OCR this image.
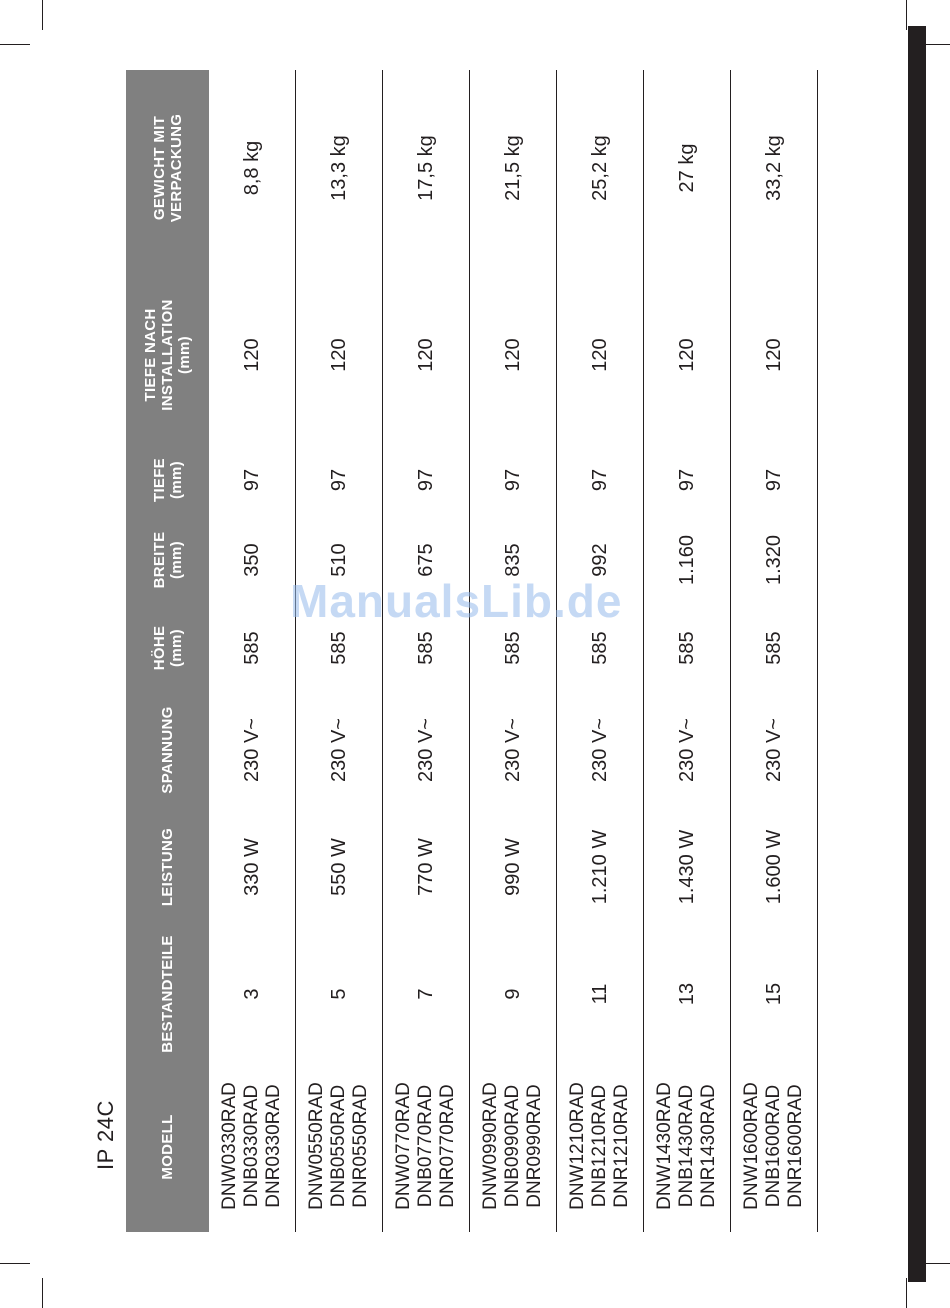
IP 24C	MODELL	BESTANDTEILE	LEISTUNG	SPANNUNG	HÖHE (mm)	BREITE (mm)	TIEFE (mm)	TIEFE NACH INSTALLATION (mm)	GEWICHT MIT VERPACKUNG

DNW0330RAD DNB0330RAD DNR0330RAD	3	330 W	230 V~	585	350	97	120	8,8 kg

DNW0550RAD DNB0550RAD DNR0550RAD	5	550 W	230 V~	585	510	97	120	13,3 kg

DNW0770RAD DNB0770RAD DNR0770RAD	7	770 W	230 V~	585	675	97	120	17,5 kg

DNW0990RAD DNB0990RAD DNR0990RAD	9	990 W	230 V~	585	835	97	120	21,5 kg

DNW1210RAD DNB1210RAD DNR1210RAD	11	1.210 W	230 V~	585	992	97	120	25,2 kg

DNW1430RAD DNB1430RAD DNR1430RAD	13	1.430 W	230 V~	585	1.160	97	120	27 kg

DNW1600RAD DNB1600RAD DNR1600RAD	15	1.600 W	230 V~	585	1.320	97	120	33,2 kg
ManualsLib.de
